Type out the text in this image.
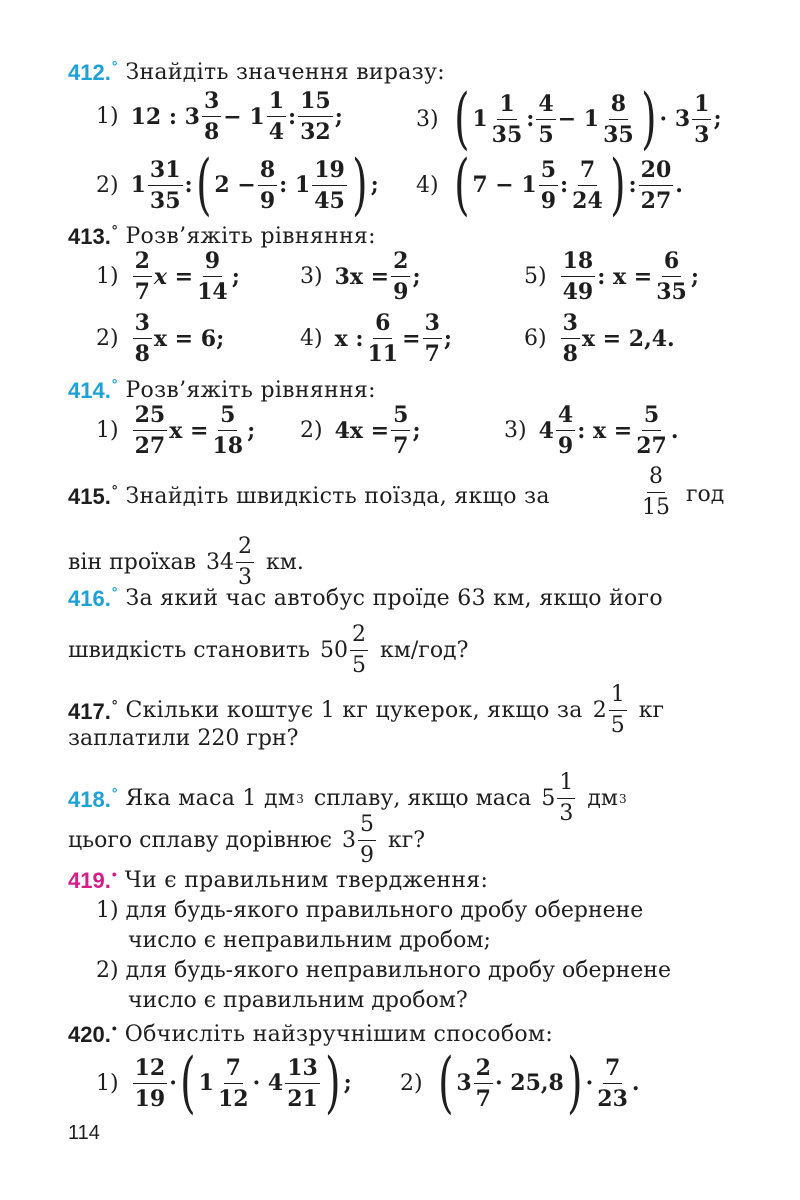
412.° Знайдіть значення виразу:
1) 12 : $3 \frac{3}{8} - 1 \frac{1}{4}$ : $\frac{15}{32}$ ;	3) ( $1 \frac{1}{35}$ : $\frac{4}{5} - 1 \frac{8}{35}$ ) · $3 \frac{1}{3}$ ;
2) $1 \frac{31}{35}$ : ( $2 - \frac{8}{9}$ : $1 \frac{19}{45}$ ) ; 4) ( $7 - 1 \frac{5}{9}$ : $\frac{7}{24}$ ) : $\frac{20}{27}$ .
413.° Розв’яжіть рівняння:
$1) \frac{2}{7}$ $x = \frac{9}{14}$ ;	3) $3x = \frac{2}{9}$ ;	$5) \frac{18}{49}$ : $x = \frac{6}{35}$ ;
$2) \frac{3}{8}$ x = 6;	4) x : $\frac{6}{11} = \frac{3}{7}$ ;	$6) \frac{3}{8}$ x = 2,4.
414.° Розв’яжіть рівняння:
$1) \frac{25}{27}$ $x = \frac{5}{18}$ ; 2) $4x = \frac{5}{7}$ ;	3) $4 \frac{4}{9}$ : $x = \frac{5}{27}$ .
415.° Знайдіть швидкість поїзда, якщо за	$\frac{8}{15}$ год
він проїхав $34 \frac{2}{3}$ км.
416.° За який час автобус проїде 63 км, якщо його
швидкість становить $50 \frac{2}{5} км/год$?
417.° Скільки коштує 1 кг цукерок, якщо за $2 \frac{1}{5}$ кг
заплатили 220 грн?
418.° Яка маса 1 дм 3 сплаву, якщо маса $5 \frac{1}{3}$ дм 3
цього сплаву дорівнює $3 \frac{5}{9}$ кг?
419.• Чи є правильним твердження:
1) для будь-якого правильного дробу обернене
число є неправильним дробом;
2) для будь-якого неправильного дробу обернене
число є правильним дробом?
420.• Обчисліть найзручнішим способом:
$1) \frac{12}{19}$ · ( $1 \frac{7}{12} \cdot 4 \frac{13}{21}$ ) ; 2) ( $3 \frac{2}{7} \cdot 25,8$ ) · $\frac{7}{23}$ .
114
